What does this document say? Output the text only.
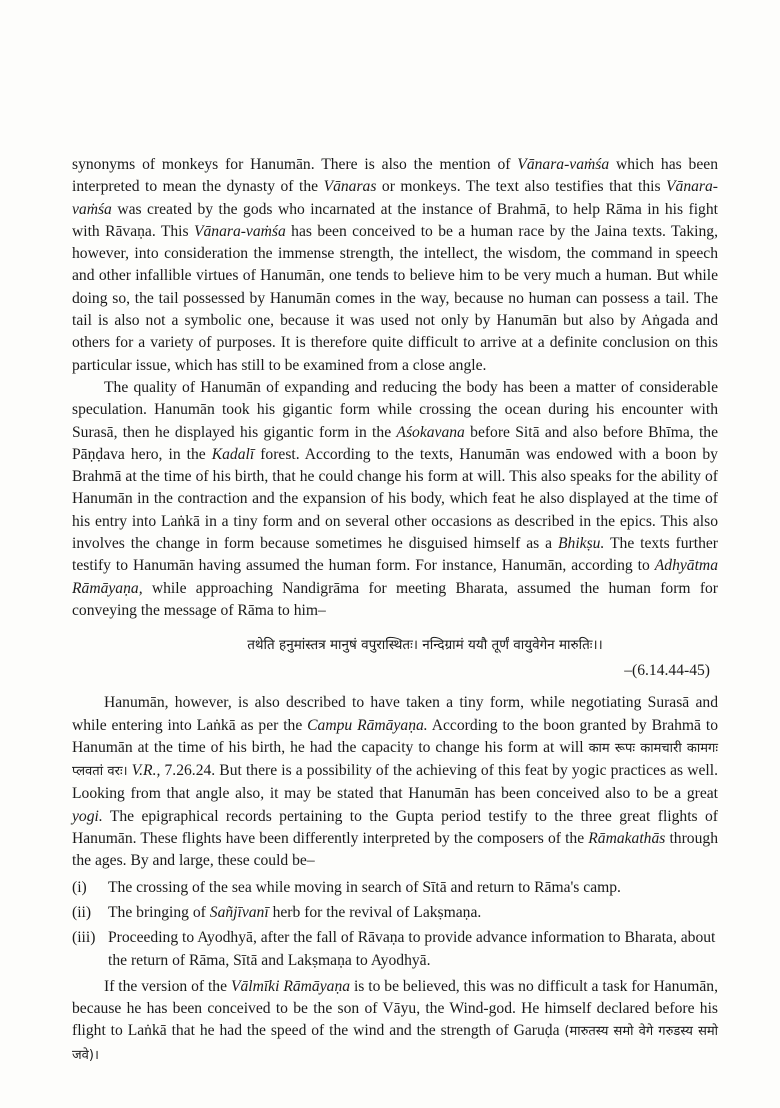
synonyms of monkeys for Hanumān. There is also the mention of Vānara-vaṁśa which has been interpreted to mean the dynasty of the Vānaras or monkeys. The text also testifies that this Vānara-vaṁśa was created by the gods who incarnated at the instance of Brahmā, to help Rāma in his fight with Rāvaṇa. This Vānara-vaṁśa has been conceived to be a human race by the Jaina texts. Taking, however, into consideration the immense strength, the intellect, the wisdom, the command in speech and other infallible virtues of Hanumān, one tends to believe him to be very much a human. But while doing so, the tail possessed by Hanumān comes in the way, because no human can possess a tail. The tail is also not a symbolic one, because it was used not only by Hanumān but also by Aṅgada and others for a variety of purposes. It is therefore quite difficult to arrive at a definite conclusion on this particular issue, which has still to be examined from a close angle.

The quality of Hanumān of expanding and reducing the body has been a matter of considerable speculation. Hanumān took his gigantic form while crossing the ocean during his encounter with Surasā, then he displayed his gigantic form in the Aśokavana before Sitā and also before Bhīma, the Pāṇḍava hero, in the Kadalī forest. According to the texts, Hanumān was endowed with a boon by Brahmā at the time of his birth, that he could change his form at will. This also speaks for the ability of Hanumān in the contraction and the expansion of his body, which feat he also displayed at the time of his entry into Laṅkā in a tiny form and on several other occasions as described in the epics. This also involves the change in form because sometimes he disguised himself as a Bhikṣu. The texts further testify to Hanumān having assumed the human form. For instance, Hanumān, according to Adhyātma Rāmāyaṇa, while approaching Nandigrāma for meeting Bharata, assumed the human form for conveying the message of Rāma to him–

तथेति हनुमांस्तत्र मानुषं वपुरास्थितः। नन्दिग्रामं ययौ तूर्णं वायुवेगेन मारुतिः।।
–(6.14.44-45)

Hanumān, however, is also described to have taken a tiny form, while negotiating Surasā and while entering into Laṅkā as per the Campu Rāmāyaṇa. According to the boon granted by Brahmā to Hanumān at the time of his birth, he had the capacity to change his form at will काम रूपः कामचारी कामगः प्लवतां वरः। V.R., 7.26.24. But there is a possibility of the achieving of this feat by yogic practices as well. Looking from that angle also, it may be stated that Hanumān has been conceived also to be a great yogi. The epigraphical records pertaining to the Gupta period testify to the three great flights of Hanumān. These flights have been differently interpreted by the composers of the Rāmakathās through the ages. By and large, these could be–

(i)	The crossing of the sea while moving in search of Sītā and return to Rāma's camp.
(ii)	The bringing of Sañjīvanī herb for the revival of Lakṣmaṇa.
(iii) Proceeding to Ayodhyā, after the fall of Rāvaṇa to provide advance information to Bharata, about the return of Rāma, Sītā and Lakṣmaṇa to Ayodhyā.

If the version of the Vālmīki Rāmāyaṇa is to be believed, this was no difficult a task for Hanumān, because he has been conceived to be the son of Vāyu, the Wind-god. He himself declared before his flight to Laṅkā that he had the speed of the wind and the strength of Garuḍa (मारुतस्य समो वेगे गरुडस्य समो जवे)।
